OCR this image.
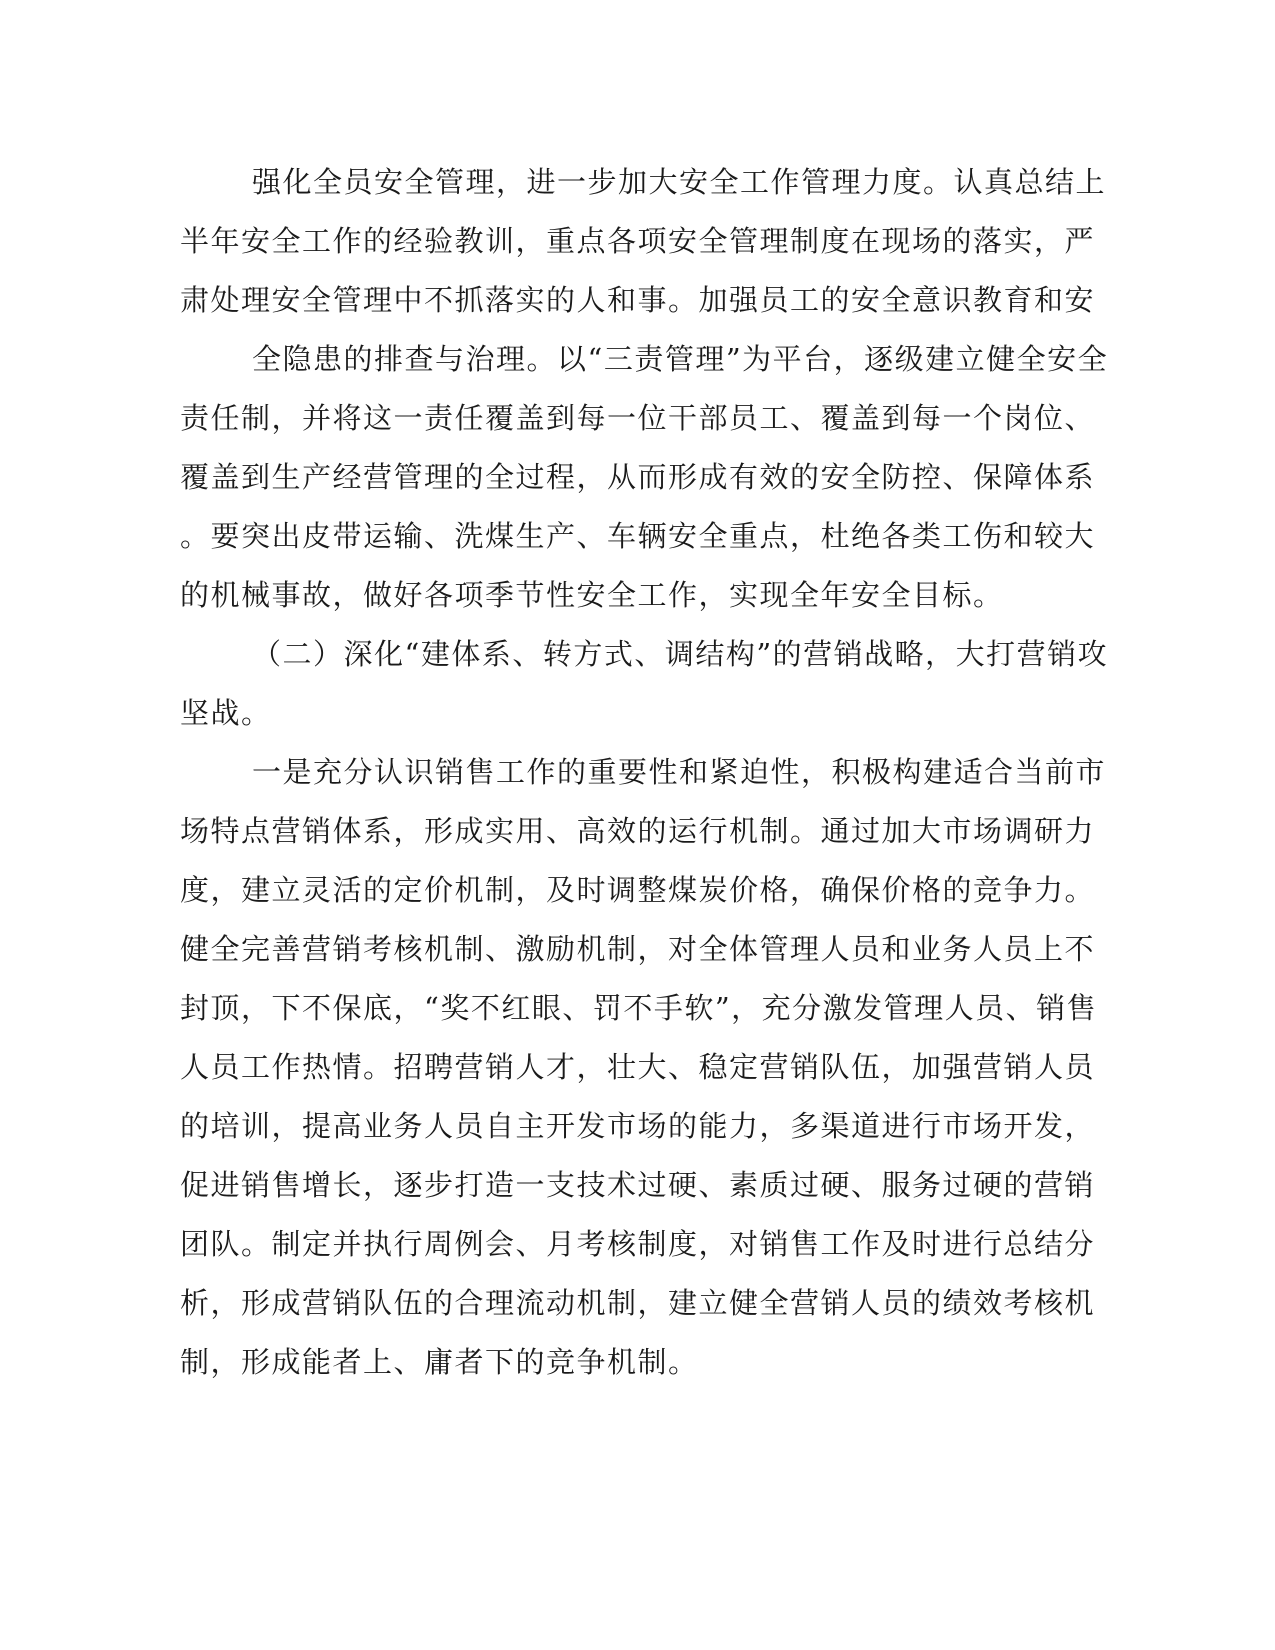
强化全员安全管理，进一步加大安全工作管理力度。认真总结上
半年安全工作的经验教训，重点各项安全管理制度在现场的落实，严
肃处理安全管理中不抓落实的人和事。加强员工的安全意识教育和安
全隐患的排查与治理。以“三责管理”为平台，逐级建立健全安全
责任制，并将这一责任覆盖到每一位干部员工、覆盖到每一个岗位、
覆盖到生产经营管理的全过程，从而形成有效的安全防控、保障体系
。要突出皮带运输、洗煤生产、车辆安全重点，杜绝各类工伤和较大
的机械事故，做好各项季节性安全工作，实现全年安全目标。
（二）深化“建体系、转方式、调结构”的营销战略，大打营销攻
坚战。
一是充分认识销售工作的重要性和紧迫性，积极构建适合当前市
场特点营销体系，形成实用、高效的运行机制。通过加大市场调研力
度，建立灵活的定价机制，及时调整煤炭价格，确保价格的竞争力。
健全完善营销考核机制、激励机制，对全体管理人员和业务人员上不
封顶，下不保底，“奖不红眼、罚不手软”，充分激发管理人员、销售
人员工作热情。招聘营销人才，壮大、稳定营销队伍，加强营销人员
的培训，提高业务人员自主开发市场的能力，多渠道进行市场开发，
促进销售增长，逐步打造一支技术过硬、素质过硬、服务过硬的营销
团队。制定并执行周例会、月考核制度，对销售工作及时进行总结分
析，形成营销队伍的合理流动机制，建立健全营销人员的绩效考核机
制，形成能者上、庸者下的竞争机制。
